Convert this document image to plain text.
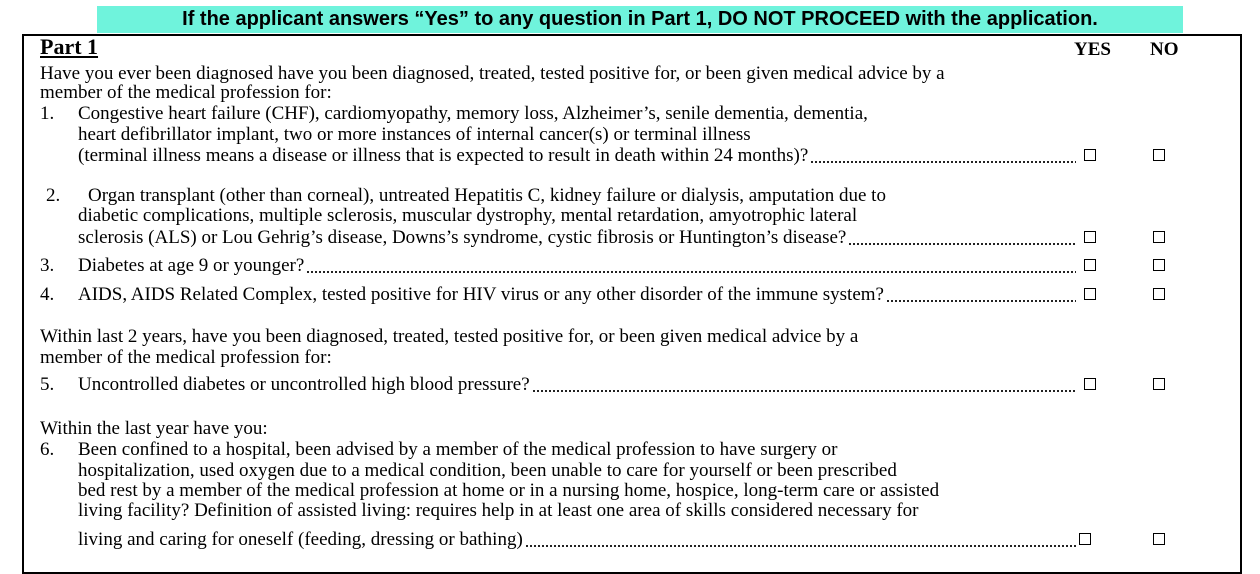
If the applicant answers “Yes” to any question in Part 1, DO NOT PROCEED with the application.
Part 1	YES NO
Have you ever been diagnosed have you been diagnosed, treated, tested positive for, or been given medical advice by a
member of the medical profession for:
1. Congestive heart failure (CHF), cardiomyopathy, memory loss, Alzheimer’s, senile dementia, dementia,
heart defibrillator implant, two or more instances of internal cancer(s) or terminal illness
(terminal illness means a disease or illness that is expected to result in death within 24 months)?
2. Organ transplant (other than corneal), untreated Hepatitis C, kidney failure or dialysis, amputation due to
diabetic complications, multiple sclerosis, muscular dystrophy, mental retardation, amyotrophic lateral
sclerosis (ALS) or Lou Gehrig’s disease, Downs’s syndrome, cystic fibrosis or Huntington’s disease?
3. Diabetes at age 9 or younger?
4. AIDS, AIDS Related Complex, tested positive for HIV virus or any other disorder of the immune system?
Within last 2 years, have you been diagnosed, treated, tested positive for, or been given medical advice by a
member of the medical profession for:
5. Uncontrolled diabetes or uncontrolled high blood pressure?
Within the last year have you:
6. Been confined to a hospital, been advised by a member of the medical profession to have surgery or
hospitalization, used oxygen due to a medical condition, been unable to care for yourself or been prescribed
bed rest by a member of the medical profession at home or in a nursing home, hospice, long-term care or assisted
living facility? Definition of assisted living: requires help in at least one area of skills considered necessary for
living and caring for oneself (feeding, dressing or bathing)
